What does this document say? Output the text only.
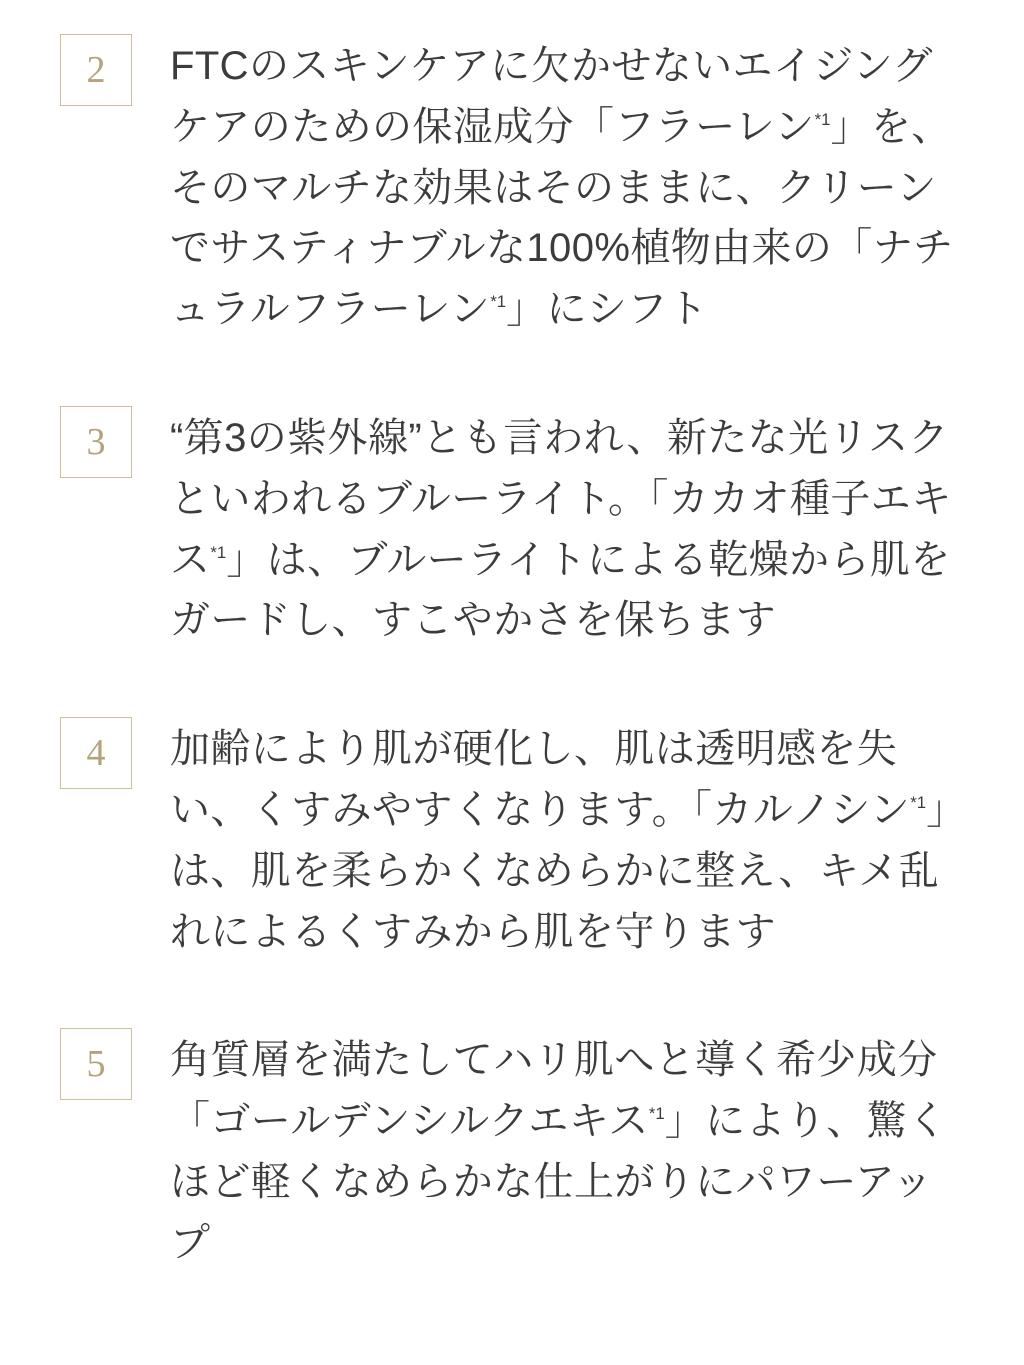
2 FTCのスキンケアに欠かせないエイジングケアのための保湿成分「フラーレン$^{*1}$」を、そのマルチな効果はそのままに、クリーンでサスティナブルな100%植物由来の「ナチュラルフラーレン$^{*1}$」にシフト
3 “第3の紫外線”とも言われ、新たな光リスクといわれるブルーライト。「カカオ種子エキス$^{*1}$」は、ブルーライトによる乾燥から肌をガードし、すこやかさを保ちます
4 加齢により肌が硬化し、肌は透明感を失い、くすみやすくなります。「カルノシン$^{*1}$」は、肌を柔らかくなめらかに整え、キメ乱れによるくすみから肌を守ります
5 角質層を満たしてハリ肌へと導く希少成分「ゴールデンシルクエキス$^{*1}$」により、驚くほど軽くなめらかな仕上がりにパワーアップ
